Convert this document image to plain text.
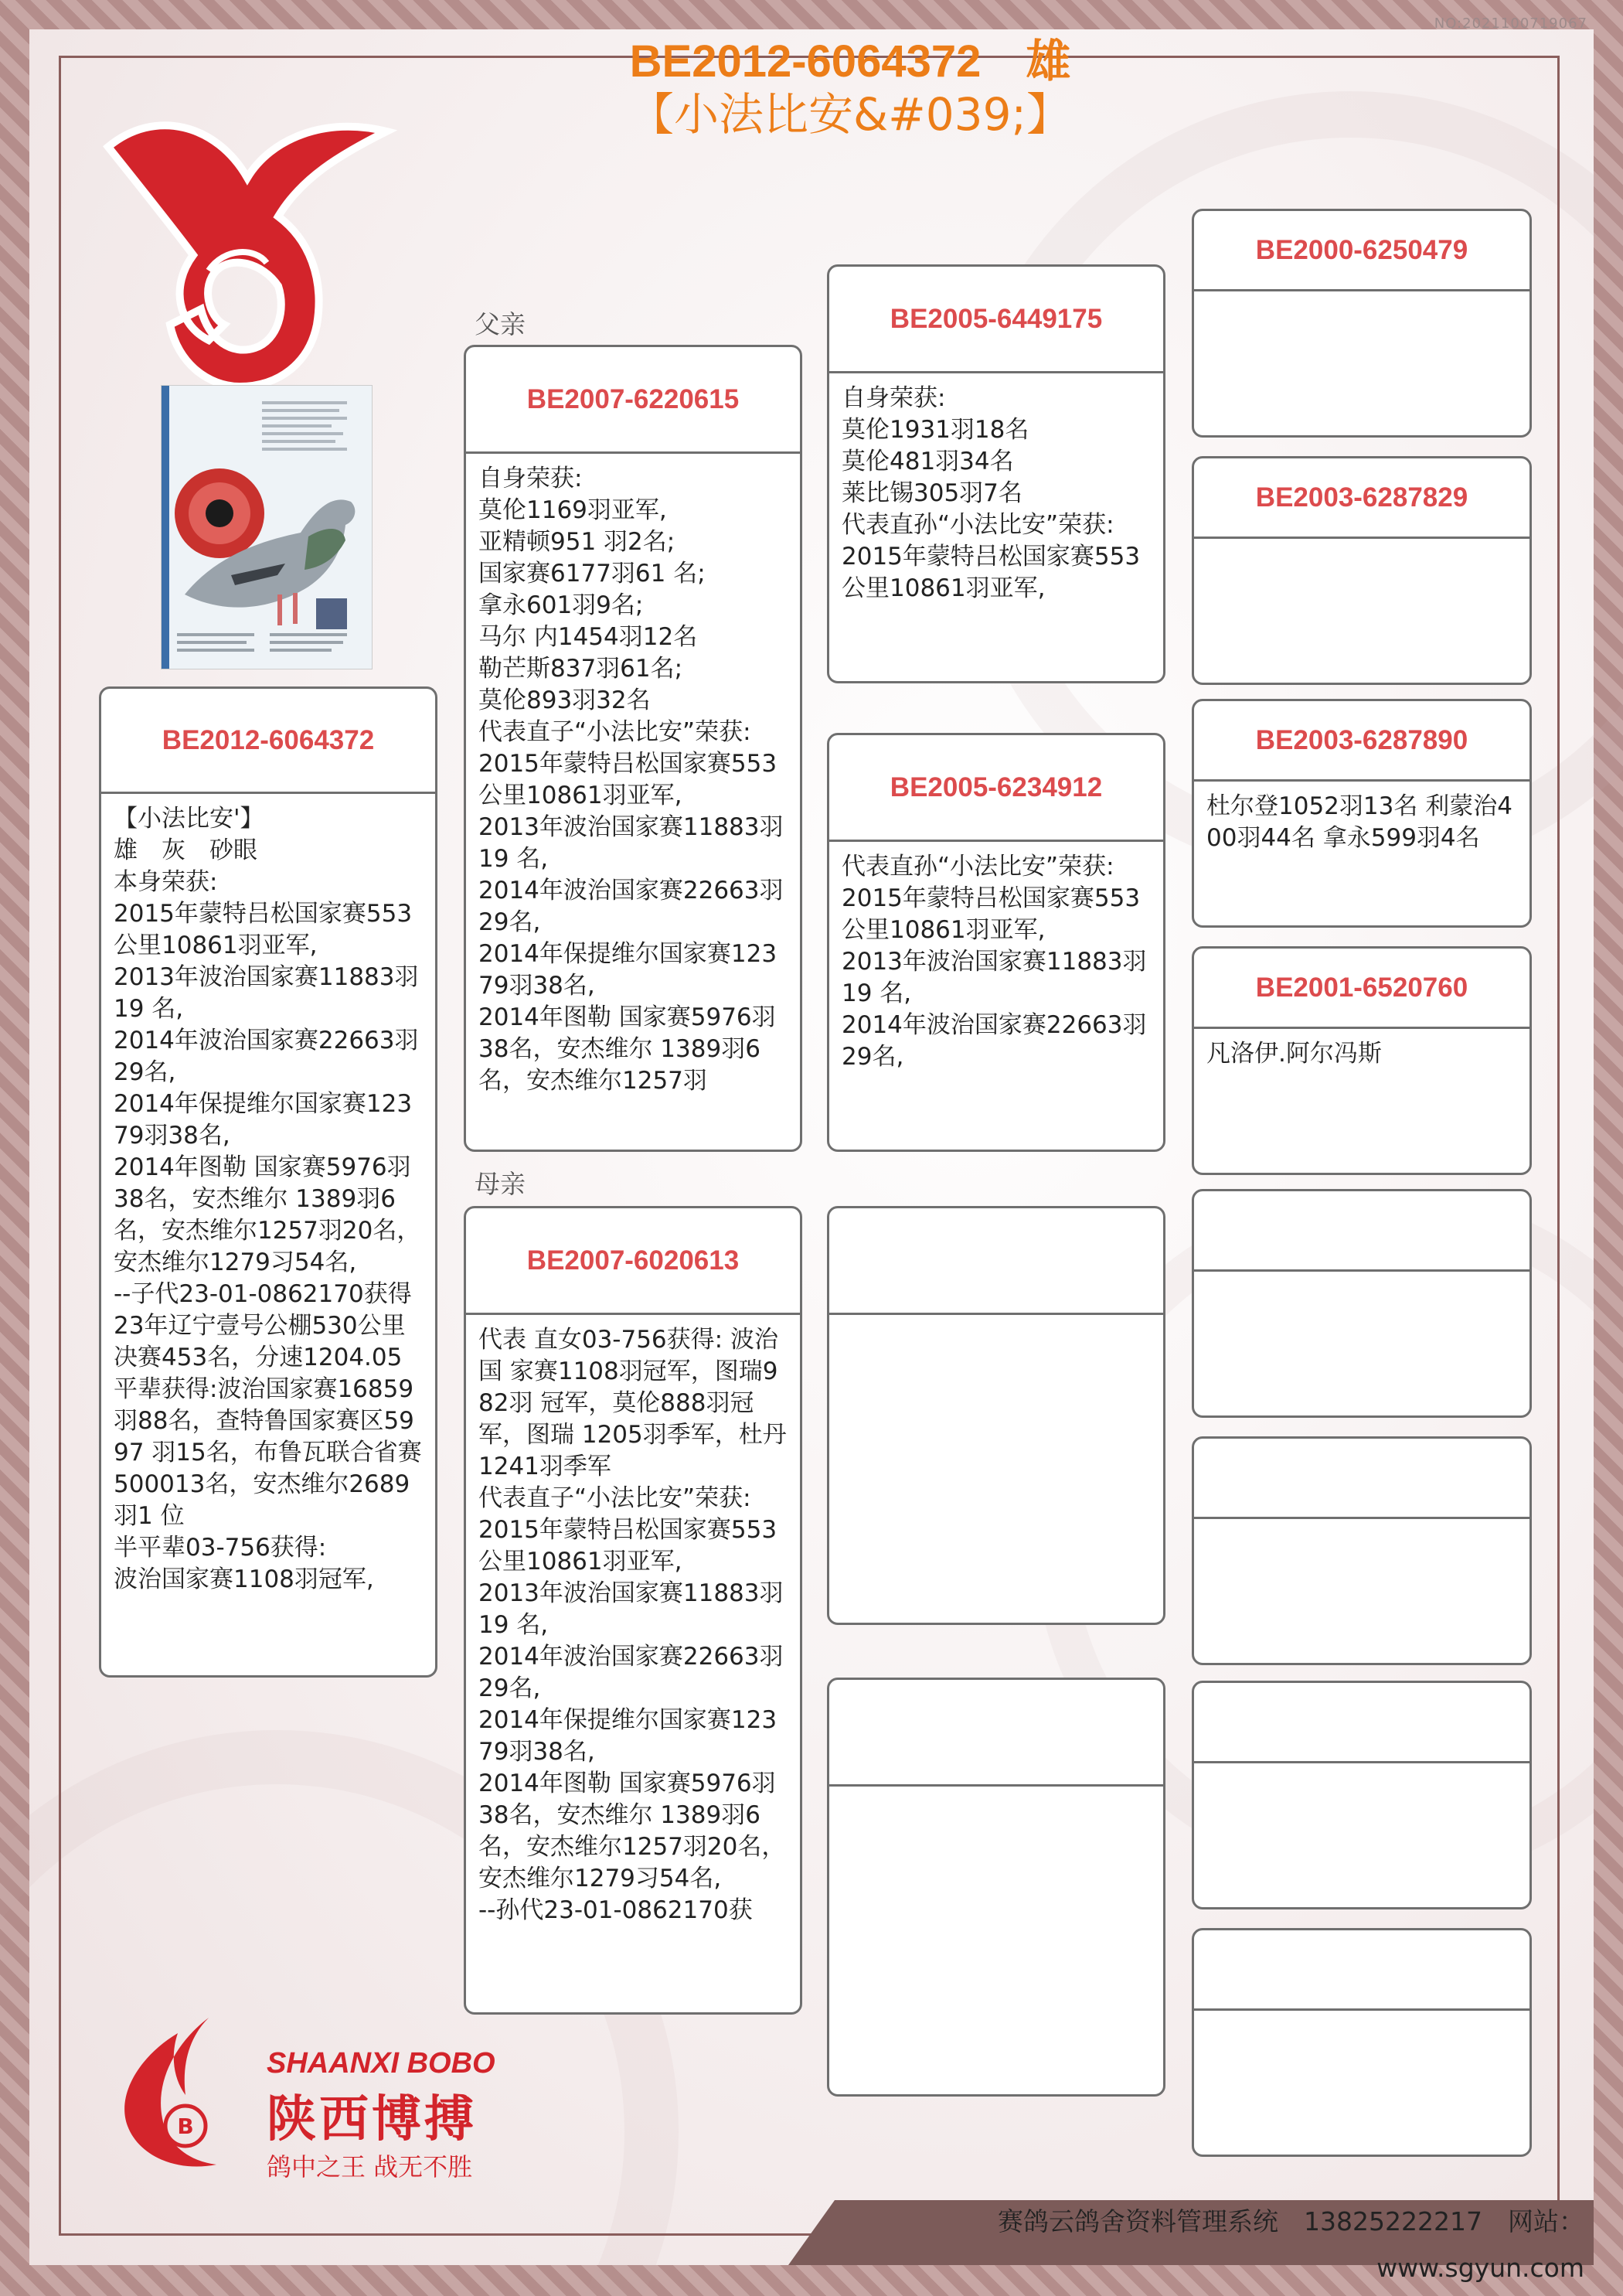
NO:2021100719067
BE2012-6064372　雄
【小法比安&#039;】
BE2012-6064372
【小法比安'】
雄　灰　砂眼
本身荣获:
2015年蒙特吕松国家赛553公里10861羽亚军,
2013年波治国家赛11883羽19 名,
2014年波治国家赛22663羽29名,
2014年保提维尔国家赛12379羽38名,
2014年图勒 国家赛5976羽38名，安杰维尔 1389羽6名，安杰维尔1257羽20名，安杰维尔1279习54名,
--子代23-01-0862170获得23年辽宁壹号公棚530公里决赛453名，分速1204.05
平辈获得:波治国家赛16859 羽88名，查特鲁国家赛区5997 羽15名，布鲁瓦联合省赛 500013名，安杰维尔2689羽1 位
半平辈03-756获得:
波治国家赛1108羽冠军,
父亲
BE2007-6220615
自身荣获:
莫伦1169羽亚军,
亚精顿951 羽2名;
国家赛6177羽61 名;
拿永601羽9名;
马尔 内1454羽12名
勒芒斯837羽61名;
莫伦893羽32名
代表直子“小法比安”荣获:
2015年蒙特吕松国家赛553公里10861羽亚军,
2013年波治国家赛11883羽19 名,
2014年波治国家赛22663羽29名,
2014年保提维尔国家赛12379羽38名,
2014年图勒 国家赛5976羽38名，安杰维尔 1389羽6名，安杰维尔1257羽
母亲
BE2007-6020613
代表 直女03-756获得: 波治国 家赛1108羽冠军，图瑞982羽 冠军，莫伦888羽冠军，图瑞 1205羽季军，杜丹1241羽季军
代表直子“小法比安”荣获:
2015年蒙特吕松国家赛553公里10861羽亚军,
2013年波治国家赛11883羽19 名,
2014年波治国家赛22663羽29名,
2014年保提维尔国家赛12379羽38名,
2014年图勒 国家赛5976羽38名，安杰维尔 1389羽6名，安杰维尔1257羽20名，安杰维尔1279习54名,
--孙代23-01-0862170获
BE2005-6449175
自身荣获:
莫伦1931羽18名
莫伦481羽34名
莱比锡305羽7名
代表直孙“小法比安”荣获:
2015年蒙特吕松国家赛553公里10861羽亚军,
BE2005-6234912
代表直孙“小法比安”荣获:
2015年蒙特吕松国家赛553公里10861羽亚军,
2013年波治国家赛11883羽19 名,
2014年波治国家赛22663羽29名,
BE2000-6250479
BE2003-6287829
BE2003-6287890
杜尔登1052羽13名 利蒙治400羽44名 拿永599羽4名
BE2001-6520760
凡洛伊.阿尔冯斯
B
SHAANXI BOBO
陕西博搏
鸽中之王 战无不胜
赛鸽云鸽舍资料管理系统　13825222217　网站：www.sgyun.com
